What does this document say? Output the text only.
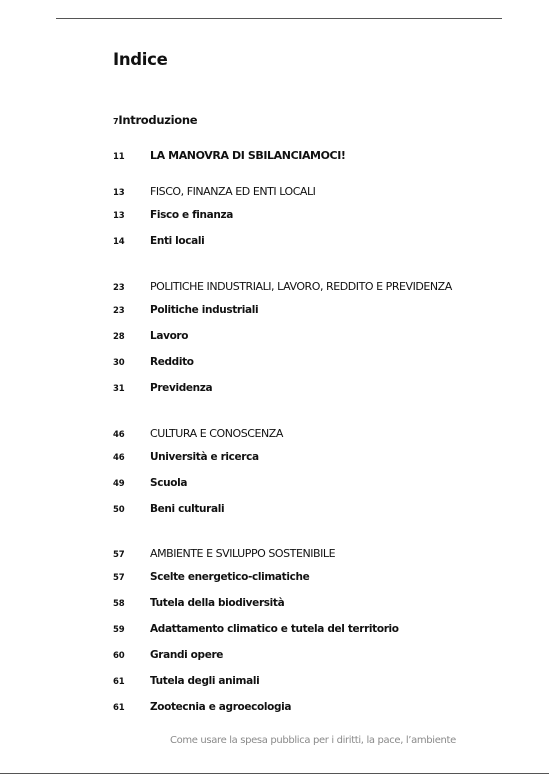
Indice
7Introduzione
11 LA MANOVRA DI SBILANCIAMOCI!
13 FISCO, FINANZA ED ENTI LOCALI
13 Fisco e finanza
14 Enti locali
23 POLITICHE INDUSTRIALI, LAVORO, REDDITO E PREVIDENZA
23 Politiche industriali
28 Lavoro
30 Reddito
31 Previdenza
46 CULTURA E CONOSCENZA
46 Università e ricerca
49 Scuola
50 Beni culturali
57 AMBIENTE E SVILUPPO SOSTENIBILE
57 Scelte energetico-climatiche
58 Tutela della biodiversità
59 Adattamento climatico e tutela del territorio
60 Grandi opere
61 Tutela degli animali
61 Zootecnia e agroecologia
Come usare la spesa pubblica per i diritti, la pace, l’ambiente
